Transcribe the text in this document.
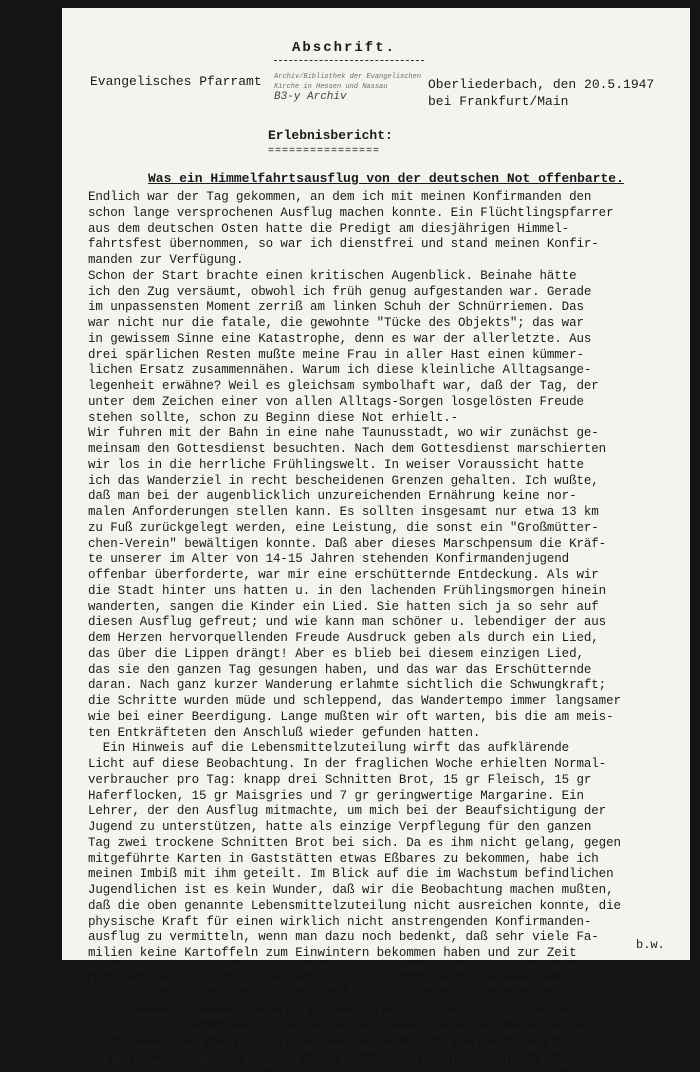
Abschrift.
Evangelisches Pfarramt Archiv/Bibliothek der Evangelischen
Kirche in Hessen und Nassau
B3-y Archiv
Oberliederbach, den 20.5.1947
bei Frankfurt/Main
Erlebnisbericht:
================
Was ein Himmelfahrtsausflug von der deutschen Not offenbarte.
Endlich war der Tag gekommen, an dem ich mit meinen Konfirmanden den
schon lange versprochenen Ausflug machen konnte. Ein Flüchtlingspfarrer
aus dem deutschen Osten hatte die Predigt am diesjährigen Himmel-
fahrtsfest übernommen, so war ich dienstfrei und stand meinen Konfir-
manden zur Verfügung.
Schon der Start brachte einen kritischen Augenblick. Beinahe hätte
ich den Zug versäumt, obwohl ich früh genug aufgestanden war. Gerade
im unpassensten Moment zerriß am linken Schuh der Schnürriemen. Das
war nicht nur die fatale, die gewohnte "Tücke des Objekts"; das war
in gewissem Sinne eine Katastrophe, denn es war der allerletzte. Aus
drei spärlichen Resten mußte meine Frau in aller Hast einen kümmer-
lichen Ersatz zusammennähen. Warum ich diese kleinliche Alltagsange-
legenheit erwähne? Weil es gleichsam symbolhaft war, daß der Tag, der
unter dem Zeichen einer von allen Alltags-Sorgen losgelösten Freude
stehen sollte, schon zu Beginn diese Not erhielt.-
Wir fuhren mit der Bahn in eine nahe Taunusstadt, wo wir zunächst ge-
meinsam den Gottesdienst besuchten. Nach dem Gottesdienst marschierten
wir los in die herrliche Frühlingswelt. In weiser Voraussicht hatte
ich das Wanderziel in recht bescheidenen Grenzen gehalten. Ich wußte,
daß man bei der augenblicklich unzureichenden Ernährung keine nor-
malen Anforderungen stellen kann. Es sollten insgesamt nur etwa 13 km
zu Fuß zurückgelegt werden, eine Leistung, die sonst ein "Großmütter-
chen-Verein" bewältigen konnte. Daß aber dieses Marschpensum die Kräf-
te unserer im Alter von 14-15 Jahren stehenden Konfirmandenjugend
offenbar überforderte, war mir eine erschütternde Entdeckung. Als wir
die Stadt hinter uns hatten u. in den lachenden Frühlingsmorgen hinein
wanderten, sangen die Kinder ein Lied. Sie hatten sich ja so sehr auf
diesen Ausflug gefreut; und wie kann man schöner u. lebendiger der aus
dem Herzen hervorquellenden Freude Ausdruck geben als durch ein Lied,
das über die Lippen drängt! Aber es blieb bei diesem einzigen Lied,
das sie den ganzen Tag gesungen haben, und das war das Erschütternde
daran. Nach ganz kurzer Wanderung erlahmte sichtlich die Schwungkraft;
die Schritte wurden müde und schleppend, das Wandertempo immer langsamer
wie bei einer Beerdigung. Lange mußten wir oft warten, bis die am meis-
ten Entkräfteten den Anschluß wieder gefunden hatten.
Ein Hinweis auf die Lebensmittelzuteilung wirft das aufklärende
Licht auf diese Beobachtung. In der fraglichen Woche erhielten Normal-
verbraucher pro Tag: knapp drei Schnitten Brot, 15 gr Fleisch, 15 gr
Haferflocken, 15 gr Maisgries und 7 gr geringwertige Margarine. Ein
Lehrer, der den Ausflug mitmachte, um mich bei der Beaufsichtigung der
Jugend zu unterstützen, hatte als einzige Verpflegung für den ganzen
Tag zwei trockene Schnitten Brot bei sich. Da es ihm nicht gelang, gegen
mitgeführte Karten in Gaststätten etwas Eßbares zu bekommen, habe ich
meinen Imbiß mit ihm geteilt. Im Blick auf die im Wachstum befindlichen
Jugendlichen ist es kein Wunder, daß wir die Beobachtung machen mußten,
daß die oben genannte Lebensmittelzuteilung nicht ausreichen konnte, die
physische Kraft für einen wirklich nicht anstrengenden Konfirmanden-
ausflug zu vermitteln, wenn man dazu noch bedenkt, daß sehr viele Fa-
milien keine Kartoffeln zum Einwintern bekommen haben und zur Zeit
außer den offiziellen Zuteilungen nichts haben, womit sie ihr Dasein
fristen können. Von Satt-Essen ist ja schon lange keine Rede mehr.
In diesem Zusammenhang ein kleines Erlebnis, das für sich selber
spricht. Einige Wochen vorher sprach ein Mann aus einer benachbarten
Vorortgemeinde Frankfurts in meinem Hause vor und bettelte um Kar-
toffelschalen. Meine Frau gab zur Antwort, wir hätten selber Kaninchen,
b.w.
